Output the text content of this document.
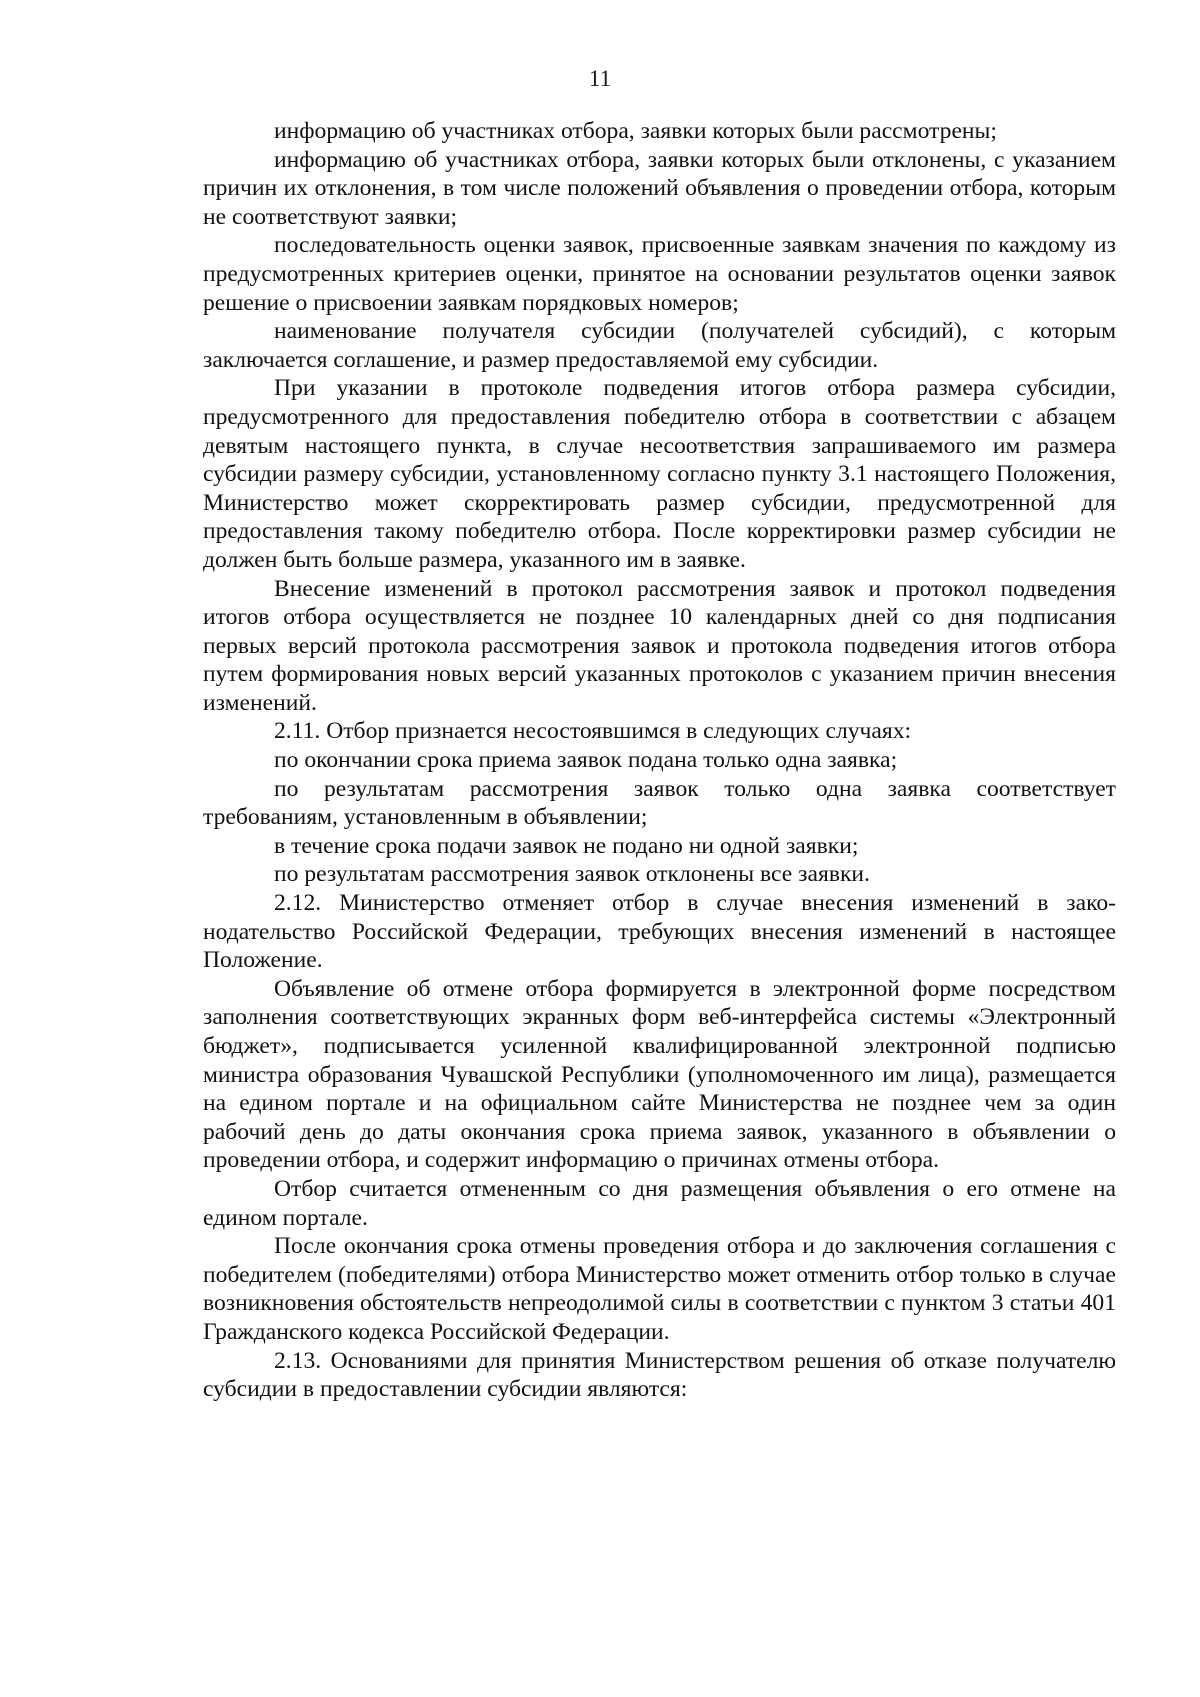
11

информацию об участниках отбора, заявки которых были рассмотрены;

информацию об участниках отбора, заявки которых были отклонены, с указанием причин их отклонения, в том числе положений объявления о проведении отбора, которым не соответствуют заявки;

последовательность оценки заявок, присвоенные заявкам значения по каждому из предусмотренных критериев оценки, принятое на основании результатов оценки заявок решение о присвоении заявкам порядковых номеров;

наименование получателя субсидии (получателей субсидий), с которым заключается соглашение, и размер предоставляемой ему субсидии.

При указании в протоколе подведения итогов отбора размера субсидии, предусмотренного для предоставления победителю отбора в соответствии с абзацем девятым настоящего пункта, в случае несоответствия запрашиваемого им размера субсидии размеру субсидии, установленному согласно пункту 3.1 настоящего Положения, Министерство может скорректировать размер субсидии, предусмотренной для предоставления такому победителю отбора. После корректировки размер субсидии не должен быть больше размера, указанного им в заявке.

Внесение изменений в протокол рассмотрения заявок и протокол подведения итогов отбора осуществляется не позднее 10 календарных дней со дня подписания первых версий протокола рассмотрения заявок и протокола подведения итогов отбора путем формирования новых версий указанных протоколов с указанием причин внесения изменений.

2.11. Отбор признается несостоявшимся в следующих случаях:

по окончании срока приема заявок подана только одна заявка;

по результатам рассмотрения заявок только одна заявка соответствует требованиям, установленным в объявлении;

в течение срока подачи заявок не подано ни одной заявки;

по результатам рассмотрения заявок отклонены все заявки.

2.12. Министерство отменяет отбор в случае внесения изменений в законодательство Российской Федерации, требующих внесения изменений в настоящее Положение.

Объявление об отмене отбора формируется в электронной форме посредством заполнения соответствующих экранных форм веб-интерфейса системы «Электронный бюджет», подписывается усиленной квалифицированной электронной подписью министра образования Чувашской Республики (уполномоченного им лица), размещается на едином портале и на официальном сайте Министерства не позднее чем за один рабочий день до даты окончания срока приема заявок, указанного в объявлении о проведении отбора, и содержит информацию о причинах отмены отбора.

Отбор считается отмененным со дня размещения объявления о его отмене на едином портале.

После окончания срока отмены проведения отбора и до заключения соглашения с победителем (победителями) отбора Министерство может отменить отбор только в случае возникновения обстоятельств непреодолимой силы в соответствии с пунктом 3 статьи 401 Гражданского кодекса Российской Федерации.

2.13. Основаниями для принятия Министерством решения об отказе получателю субсидии в предоставлении субсидии являются:
